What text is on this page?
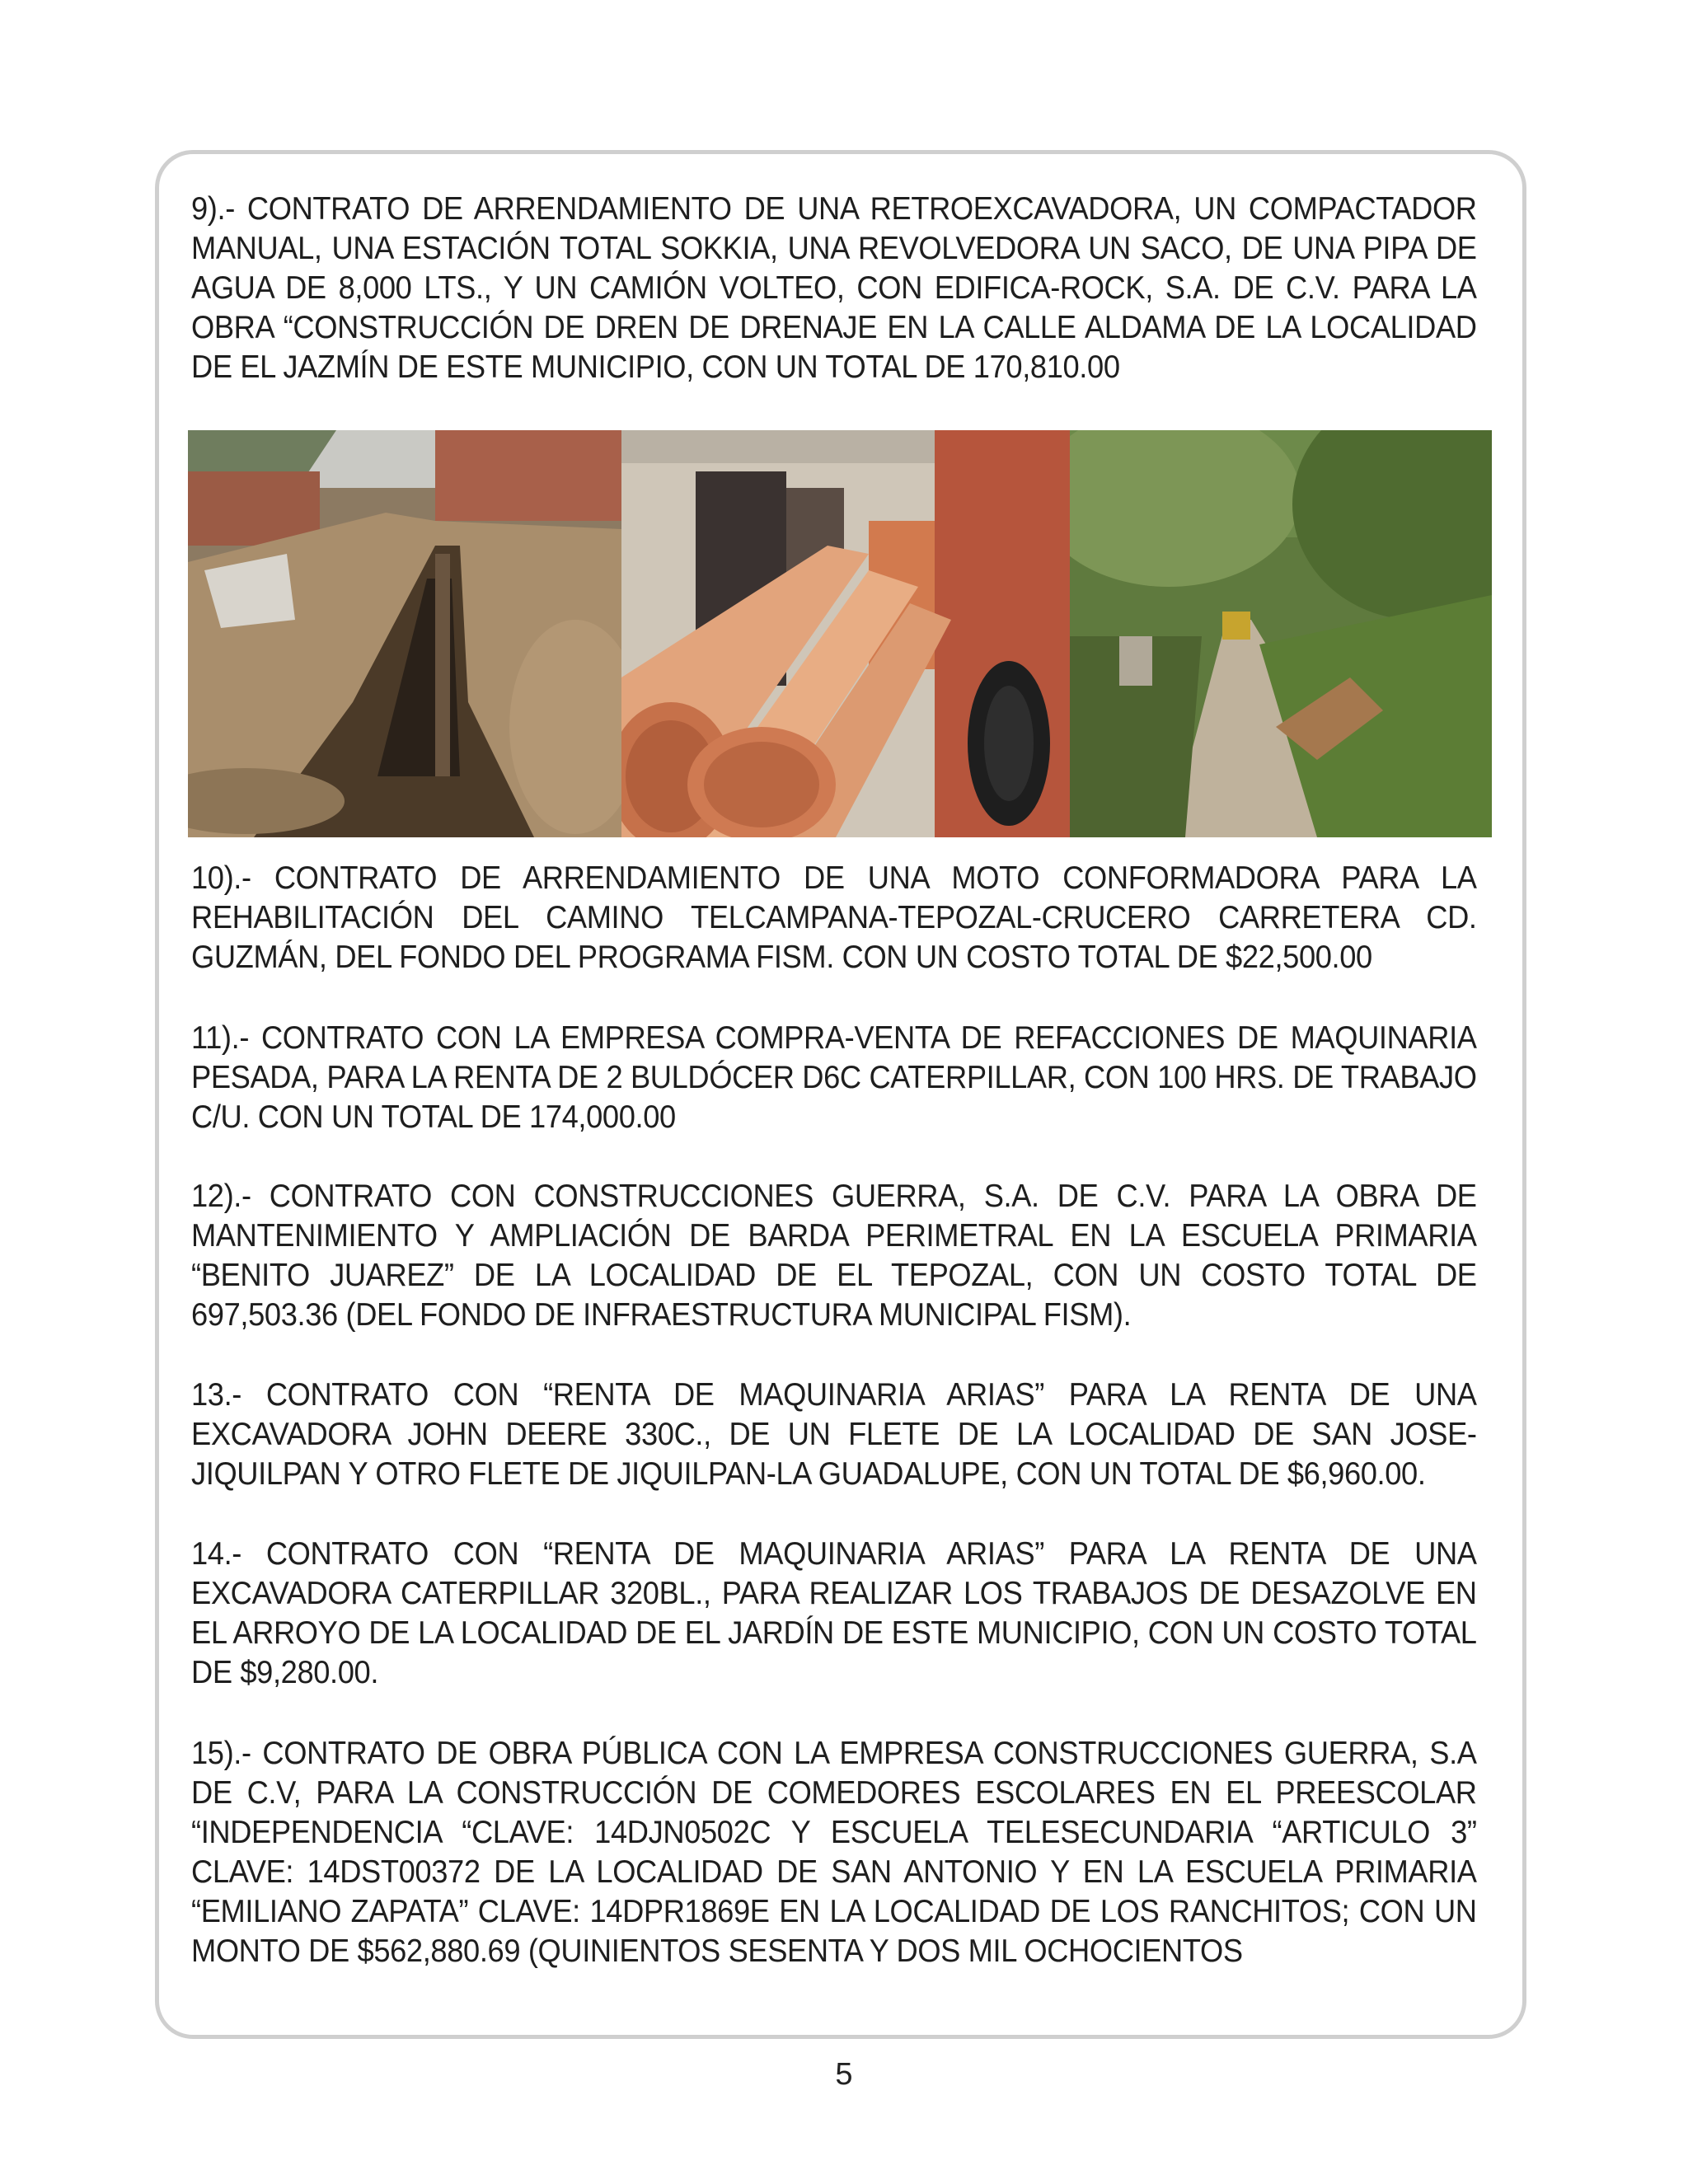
9).- CONTRATO DE ARRENDAMIENTO DE UNA RETROEXCAVADORA, UN COMPACTADOR MANUAL, UNA ESTACIÓN TOTAL SOKKIA, UNA REVOLVEDORA UN SACO, DE UNA PIPA DE AGUA DE 8,000 LTS., Y UN CAMIÓN VOLTEO, CON EDIFICA-ROCK, S.A. DE C.V. PARA LA OBRA “CONSTRUCCIÓN DE DREN DE DRENAJE EN LA CALLE ALDAMA DE LA LOCALIDAD DE EL JAZMÍN DE ESTE MUNICIPIO, CON UN TOTAL DE 170,810.00

10).- CONTRATO DE ARRENDAMIENTO DE UNA MOTO CONFORMADORA PARA LA REHABILITACIÓN DEL CAMINO TELCAMPANA-TEPOZAL-CRUCERO CARRETERA CD. GUZMÁN, DEL FONDO DEL PROGRAMA FISM. CON UN COSTO TOTAL DE $22,500.00

11).- CONTRATO CON LA EMPRESA COMPRA-VENTA DE REFACCIONES DE MAQUINARIA PESADA, PARA LA RENTA DE 2 BULDÓCER D6C CATERPILLAR, CON 100 HRS. DE TRABAJO C/U. CON UN TOTAL DE 174,000.00

12).- CONTRATO CON CONSTRUCCIONES GUERRA, S.A. DE C.V. PARA LA OBRA DE MANTENIMIENTO Y AMPLIACIÓN DE BARDA PERIMETRAL EN LA ESCUELA PRIMARIA “BENITO JUAREZ” DE LA LOCALIDAD DE EL TEPOZAL, CON UN COSTO TOTAL DE 697,503.36 (DEL FONDO DE INFRAESTRUCTURA MUNICIPAL FISM).

13.- CONTRATO CON “RENTA DE MAQUINARIA ARIAS” PARA LA RENTA DE UNA EXCAVADORA JOHN DEERE 330C., DE UN FLETE DE LA LOCALIDAD DE SAN JOSE-JIQUILPAN Y OTRO FLETE DE JIQUILPAN-LA GUADALUPE, CON UN TOTAL DE $6,960.00.

14.- CONTRATO CON “RENTA DE MAQUINARIA ARIAS” PARA LA RENTA DE UNA EXCAVADORA CATERPILLAR 320BL., PARA REALIZAR LOS TRABAJOS DE DESAZOLVE EN EL ARROYO DE LA LOCALIDAD DE EL JARDÍN DE ESTE MUNICIPIO, CON UN COSTO TOTAL DE $9,280.00.

15).- CONTRATO DE OBRA PÚBLICA CON LA EMPRESA CONSTRUCCIONES GUERRA, S.A DE C.V, PARA LA CONSTRUCCIÓN DE COMEDORES ESCOLARES EN EL PREESCOLAR “INDEPENDENCIA “CLAVE: 14DJN0502C Y ESCUELA TELESECUNDARIA “ARTICULO 3” CLAVE: 14DST00372 DE LA LOCALIDAD DE SAN ANTONIO Y EN LA ESCUELA PRIMARIA “EMILIANO ZAPATA” CLAVE: 14DPR1869E EN LA LOCALIDAD DE LOS RANCHITOS; CON UN MONTO DE $562,880.69 (QUINIENTOS SESENTA Y DOS MIL OCHOCIENTOS

5
